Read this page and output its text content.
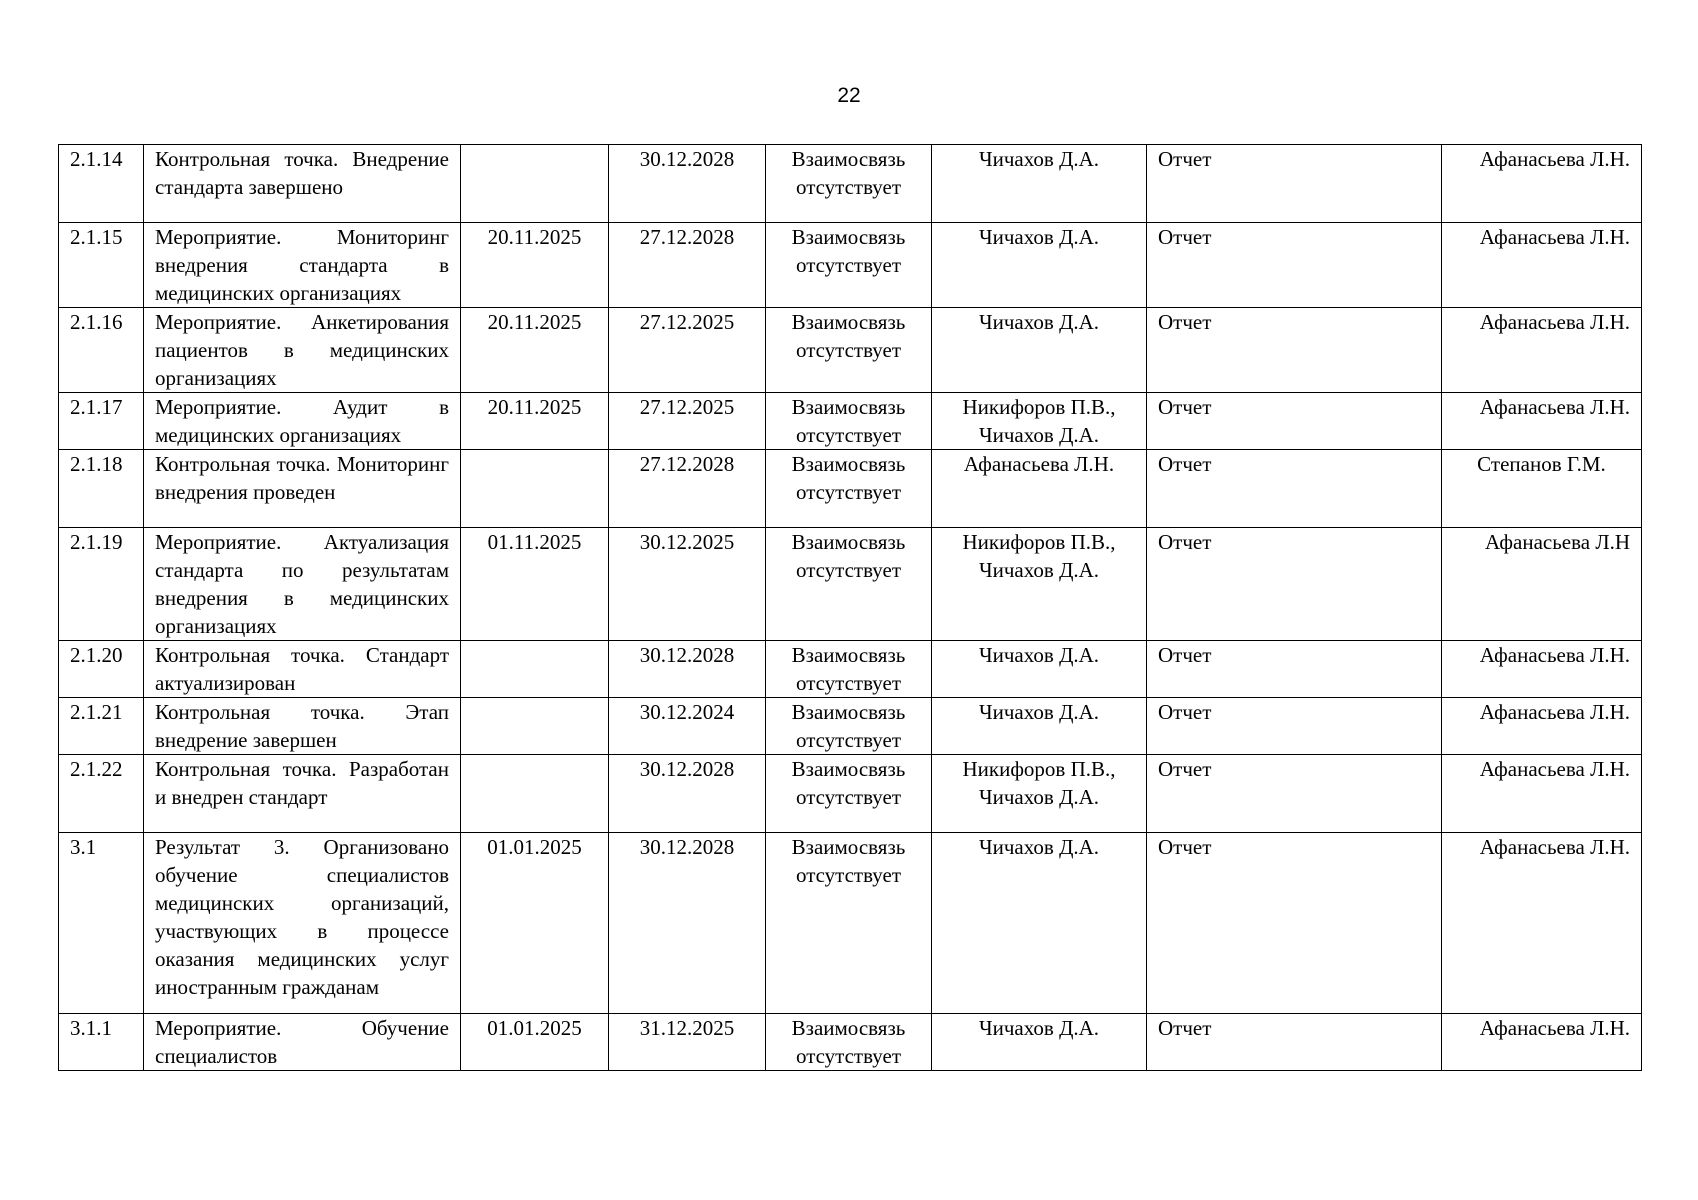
22
2.1.14	Контрольная точка. Внедрение стандарта завершено		30.12.2028	Взаимосвязь отсутствует	Чичахов Д.А.	Отчет	Афанасьева Л.Н.
2.1.15	Мероприятие. Мониторинг внедрения стандарта в медицинских организациях	20.11.2025	27.12.2028	Взаимосвязь отсутствует	Чичахов Д.А.	Отчет	Афанасьева Л.Н.
2.1.16	Мероприятие. Анкетирования пациентов в медицинских организациях	20.11.2025	27.12.2025	Взаимосвязь отсутствует	Чичахов Д.А.	Отчет	Афанасьева Л.Н.
2.1.17	Мероприятие. Аудит в медицинских организациях	20.11.2025	27.12.2025	Взаимосвязь отсутствует	Никифоров П.В., Чичахов Д.А.	Отчет	Афанасьева Л.Н.
2.1.18	Контрольная точка. Мониторинг внедрения проведен		27.12.2028	Взаимосвязь отсутствует	Афанасьева Л.Н.	Отчет	Степанов Г.М.
2.1.19	Мероприятие. Актуализация стандарта по результатам внедрения в медицинских организациях	01.11.2025	30.12.2025	Взаимосвязь отсутствует	Никифоров П.В., Чичахов Д.А.	Отчет	Афанасьева Л.Н
2.1.20	Контрольная точка. Стандарт актуализирован		30.12.2028	Взаимосвязь отсутствует	Чичахов Д.А.	Отчет	Афанасьева Л.Н.
2.1.21	Контрольная точка. Этап внедрение завершен		30.12.2024	Взаимосвязь отсутствует	Чичахов Д.А.	Отчет	Афанасьева Л.Н.
2.1.22	Контрольная точка. Разработан и внедрен стандарт		30.12.2028	Взаимосвязь отсутствует	Никифоров П.В., Чичахов Д.А.	Отчет	Афанасьева Л.Н.
3.1	Результат 3. Организовано обучение специалистов медицинских организаций, участвующих в процессе оказания медицинских услуг иностранным гражданам	01.01.2025	30.12.2028	Взаимосвязь отсутствует	Чичахов Д.А.	Отчет	Афанасьева Л.Н.
3.1.1	Мероприятие. Обучение специалистов	01.01.2025	31.12.2025	Взаимосвязь отсутствует	Чичахов Д.А.	Отчет	Афанасьева Л.Н.
